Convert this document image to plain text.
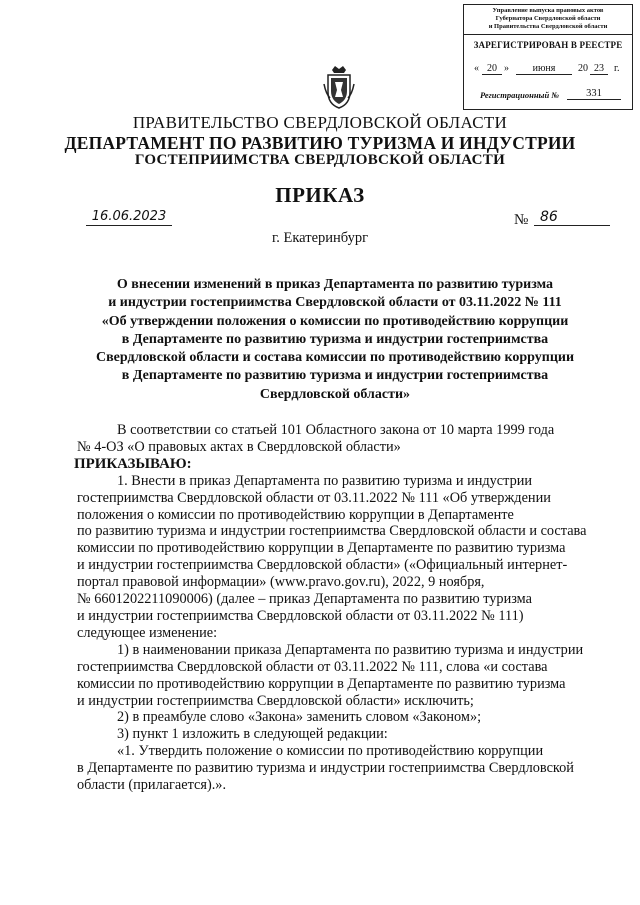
Управление выпуска правовых актов
Губернатора Свердловской области
и Правительства Свердловской области
ЗАРЕГИСТРИРОВАН В РЕЕСТРЕ
« 20 »	июня	20 23	г.
Регистрационный №	331
ПРАВИТЕЛЬСТВО СВЕРДЛОВСКОЙ ОБЛАСТИ
ДЕПАРТАМЕНТ ПО РАЗВИТИЮ ТУРИЗМА И ИНДУСТРИИ
ГОСТЕПРИИМСТВА СВЕРДЛОВСКОЙ ОБЛАСТИ
ПРИКАЗ
16.06.2023	№ 86
г. Екатеринбург
О внесении изменений в приказ Департамента по развитию туризма
и индустрии гостеприимства Свердловской области от 03.11.2022 № 111
«Об утверждении положения о комиссии по противодействию коррупции
в Департаменте по развитию туризма и индустрии гостеприимства
Свердловской области и состава комиссии по противодействию коррупции
в Департаменте по развитию туризма и индустрии гостеприимства
Свердловской области»
В соответствии со статьей 101 Областного закона от 10 марта 1999 года
№ 4-ОЗ «О правовых актах в Свердловской области»
ПРИКАЗЫВАЮ:
1. Внести в приказ Департамента по развитию туризма и индустрии
гостеприимства Свердловской области от 03.11.2022 № 111 «Об утверждении
положения о комиссии по противодействию коррупции в Департаменте
по развитию туризма и индустрии гостеприимства Свердловской области и состава
комиссии по противодействию коррупции в Департаменте по развитию туризма
и индустрии гостеприимства Свердловской области» («Официальный интернет-
портал правовой информации» (www.pravo.gov.ru), 2022, 9 ноября,
№ 6601202211090006) (далее – приказ Департамента по развитию туризма
и индустрии гостеприимства Свердловской области от 03.11.2022 № 111)
следующее изменение:
1) в наименовании приказа Департамента по развитию туризма и индустрии
гостеприимства Свердловской области от 03.11.2022 № 111, слова «и состава
комиссии по противодействию коррупции в Департаменте по развитию туризма
и индустрии гостеприимства Свердловской области» исключить;
2) в преамбуле слово «Закона» заменить словом «Законом»;
3) пункт 1 изложить в следующей редакции:
«1. Утвердить положение о комиссии по противодействию коррупции
в Департаменте по развитию туризма и индустрии гостеприимства Свердловской
области (прилагается).».
